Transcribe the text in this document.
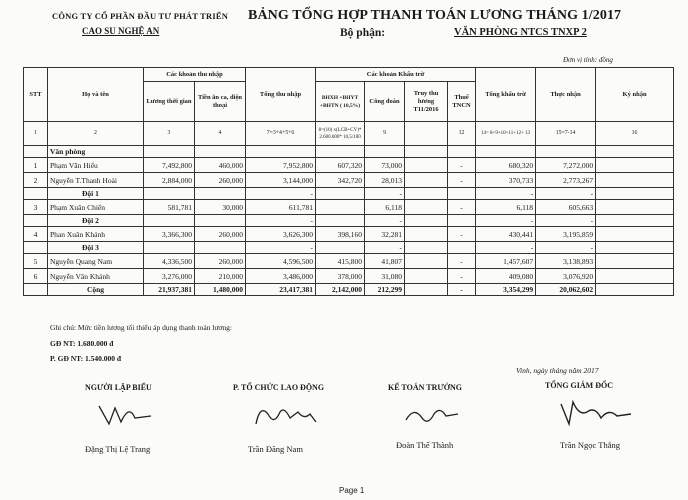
CÔNG TY CỔ PHẦN ĐẦU TƯ PHÁT TRIỂN
CAO SU NGHỆ AN
BẢNG TỔNG HỢP THANH TOÁN LƯƠNG THÁNG 1/2017
Bộ phận:	VĂN PHÒNG NTCS TNXP 2
Đơn vị tính: đồng
STT	Họ và tên	Các khoản thu nhập		Tổng thu nhập	Các khoản Khấu trừ				Tổng khấu trừ	Thực nhận	Ký nhận
		Lương thời gian	Tiền ăn ca, điện thoại		BHXH +BHYT +BHTN ( 10,5%)	Công đoàn	Truy thu lương T11/2016	Thuế TNCN			
1	2	3	4	7=3+4+5+6	8=(10) x(LCB+CV)* 2.600.000* 10,5/100	9		12	14= 8+9+10+11+12+ 13	15=7-14	16
	Văn phòng										
1	Phạm Văn Hiếu	7,492,800	460,000	7,952,800	607,320	73,000		-	680,320	7,272,000	
2	Nguyễn T.Thanh Hoài	2,884,000	260,000	3,144,000	342,720	28,013		-	370,733	2,773,267	
	Đội 1			-		-			-	-	
3	Phạm Xuân Chiến	581,781	30,000	611,781		6,118		-	6,118	605,663	
	Đội 2			-		-			-	-	
4	Phan Xuân Khánh	3,366,300	260,000	3,626,300	398,160	32,281		-	430,441	3,195,859	
	Đội 3			-		-			-	-	
5	Nguyễn Quang Nam	4,336,500	260,000	4,596,500	415,800	41,807		-	1,457,607	3,138,893	
6	Nguyễn Văn Khánh	3,276,000	210,000	3,486,000	378,000	31,080		-	409,080	3,076,920	
	Cộng	21,937,381	1,480,000	23,417,381	2,142,000	212,299		-	3,354,299	20,062,602	
Ghi chú: Mức tiền lương tối thiểu áp dụng thanh toán lương:
GĐ NT: 1.680.000 đ
P. GĐ NT: 1.540.000 đ
Vinh, ngày tháng năm 2017
NGƯỜI LẬP BIỂU	P. TỔ CHỨC LAO ĐỘNG	KẾ TOÁN TRƯỞNG	TỔNG GIÁM ĐỐC
Đặng Thị Lệ Trang	Trần Đăng Nam	Đoàn Thế Thành	Trần Ngọc Thắng
Page 1
